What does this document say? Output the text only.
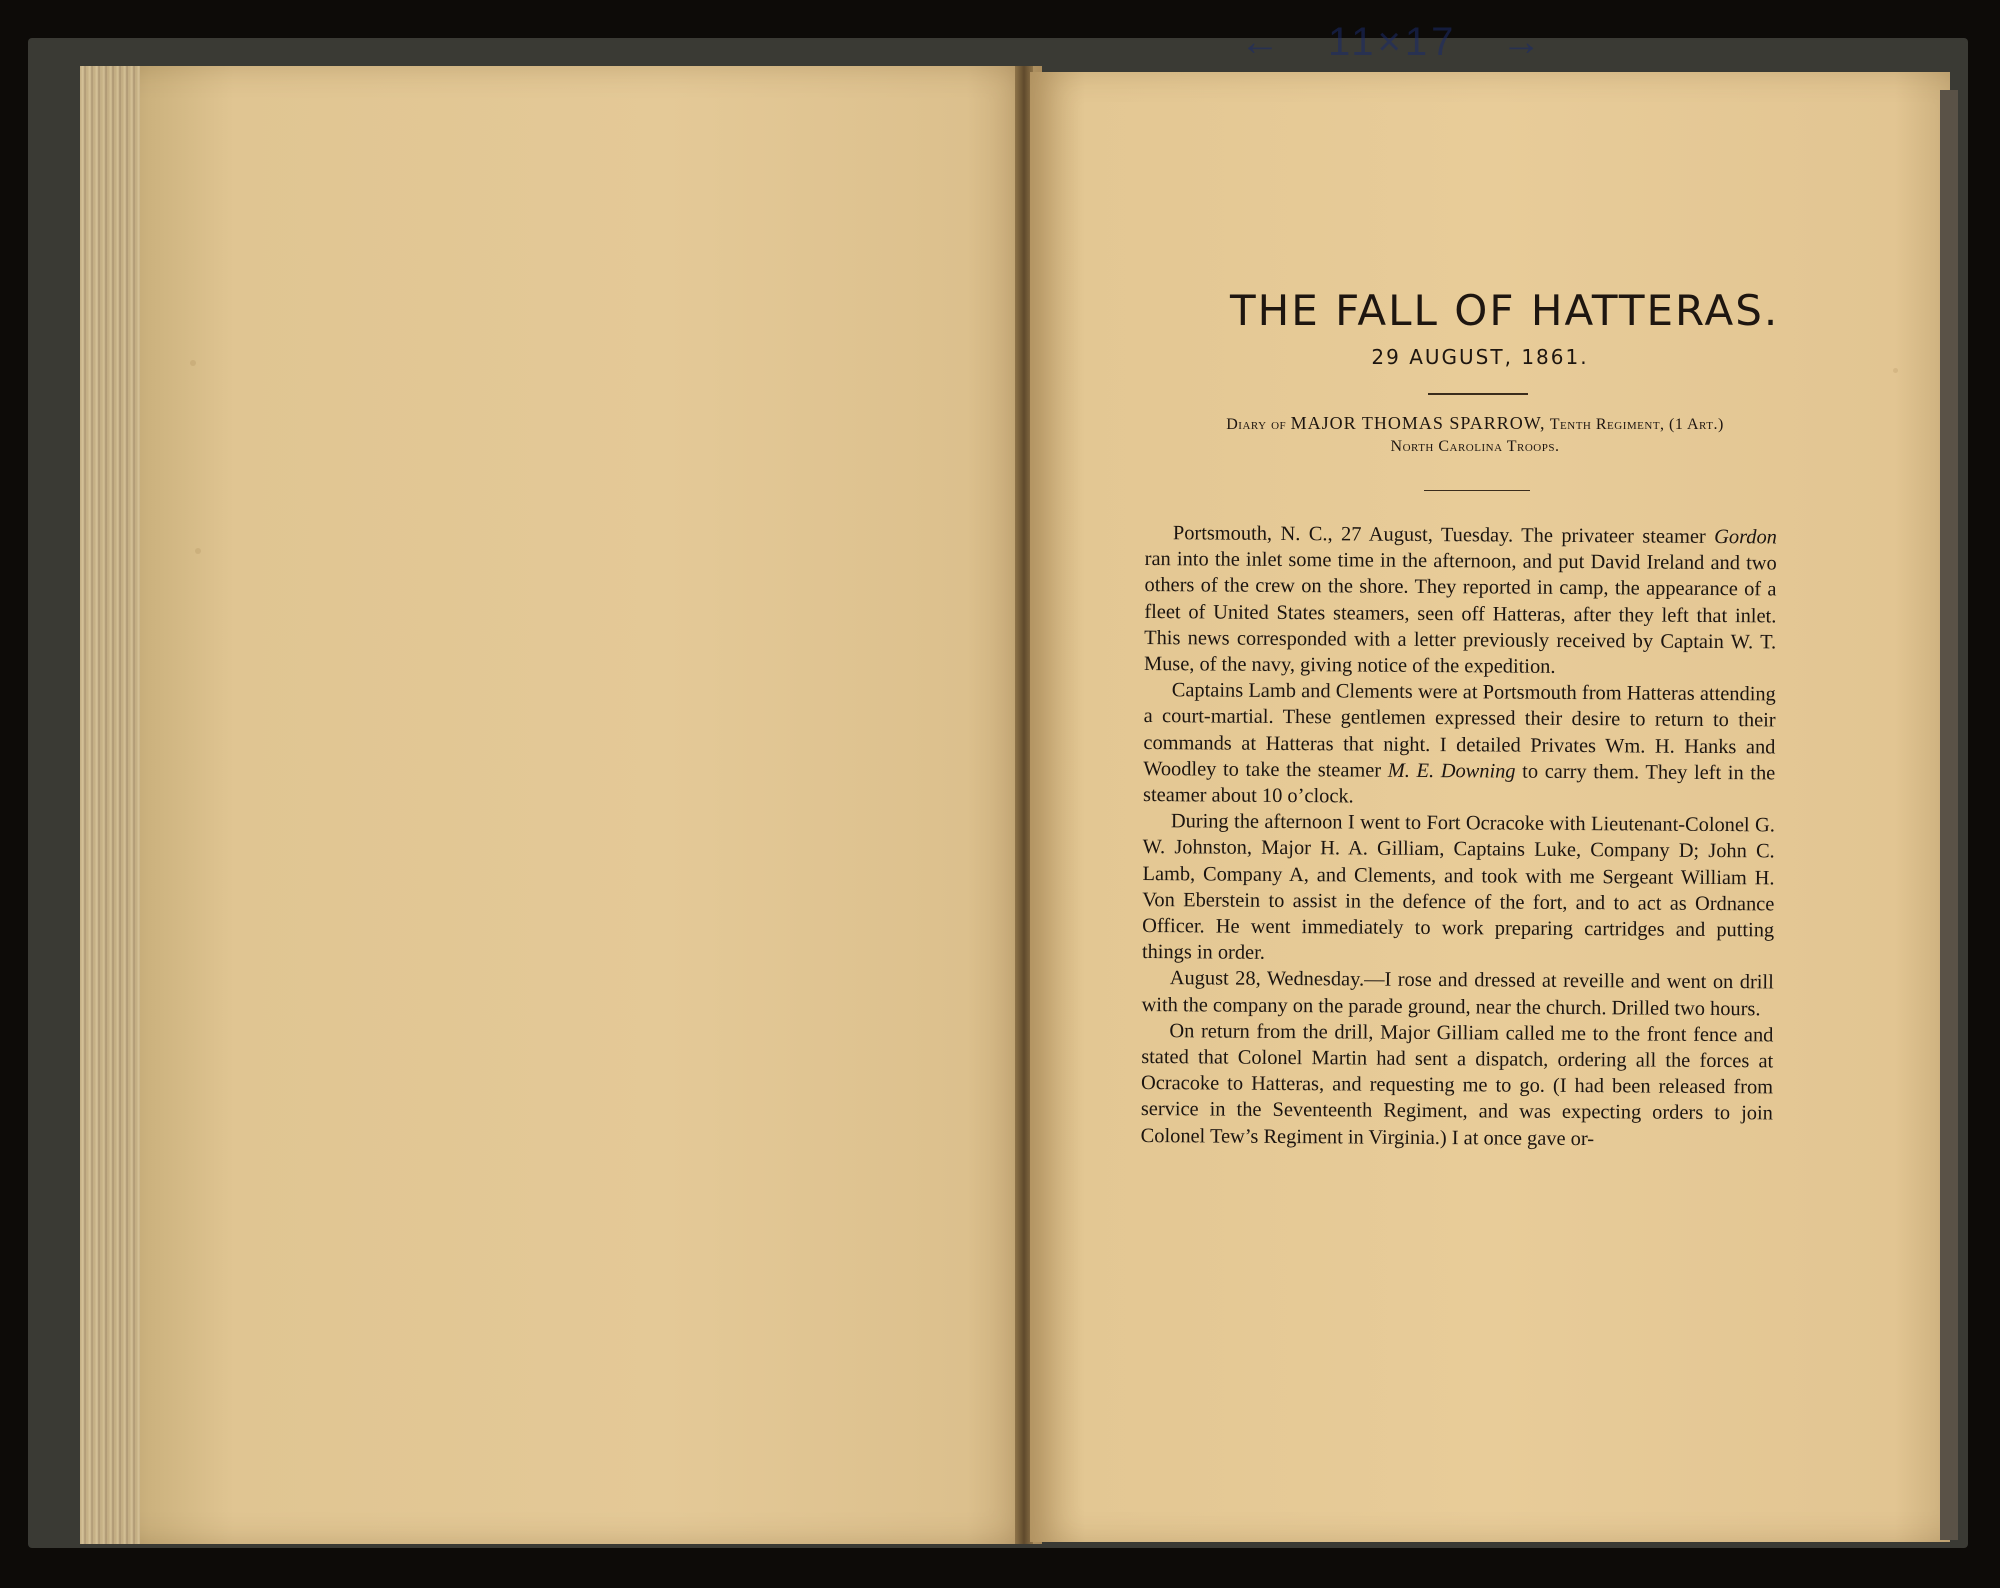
← 11×17 →
THE FALL OF HATTERAS.
29 AUGUST, 1861.
Diary of MAJOR THOMAS SPARROW, Tenth Regiment, (1 Art.)
North Carolina Troops.

Portsmouth, N. C., 27 August, Tuesday. The privateer steamer Gordon ran into the inlet some time in the afternoon, and put David Ireland and two others of the crew on the shore. They reported in camp, the appearance of a fleet of United States steamers, seen off Hatteras, after they left that inlet. This news corresponded with a letter previously received by Captain W. T. Muse, of the navy, giving notice of the expedition.

Captains Lamb and Clements were at Portsmouth from Hatteras attending a court-martial. These gentlemen expressed their desire to return to their commands at Hatteras that night. I detailed Privates Wm. H. Hanks and Woodley to take the steamer M. E. Downing to carry them. They left in the steamer about 10 o’clock.

During the afternoon I went to Fort Ocracoke with Lieutenant-Colonel G. W. Johnston, Major H. A. Gilliam, Captains Luke, Company D; John C. Lamb, Company A, and Clements, and took with me Sergeant William H. Von Eberstein to assist in the defence of the fort, and to act as Ordnance Officer. He went immediately to work preparing cartridges and putting things in order.

August 28, Wednesday.—I rose and dressed at reveille and went on drill with the company on the parade ground, near the church. Drilled two hours.

On return from the drill, Major Gilliam called me to the front fence and stated that Colonel Martin had sent a dispatch, ordering all the forces at Ocracoke to Hatteras, and requesting me to go. (I had been released from service in the Seventeenth Regiment, and was expecting orders to join Colonel Tew’s Regiment in Virginia.) I at once gave or-
